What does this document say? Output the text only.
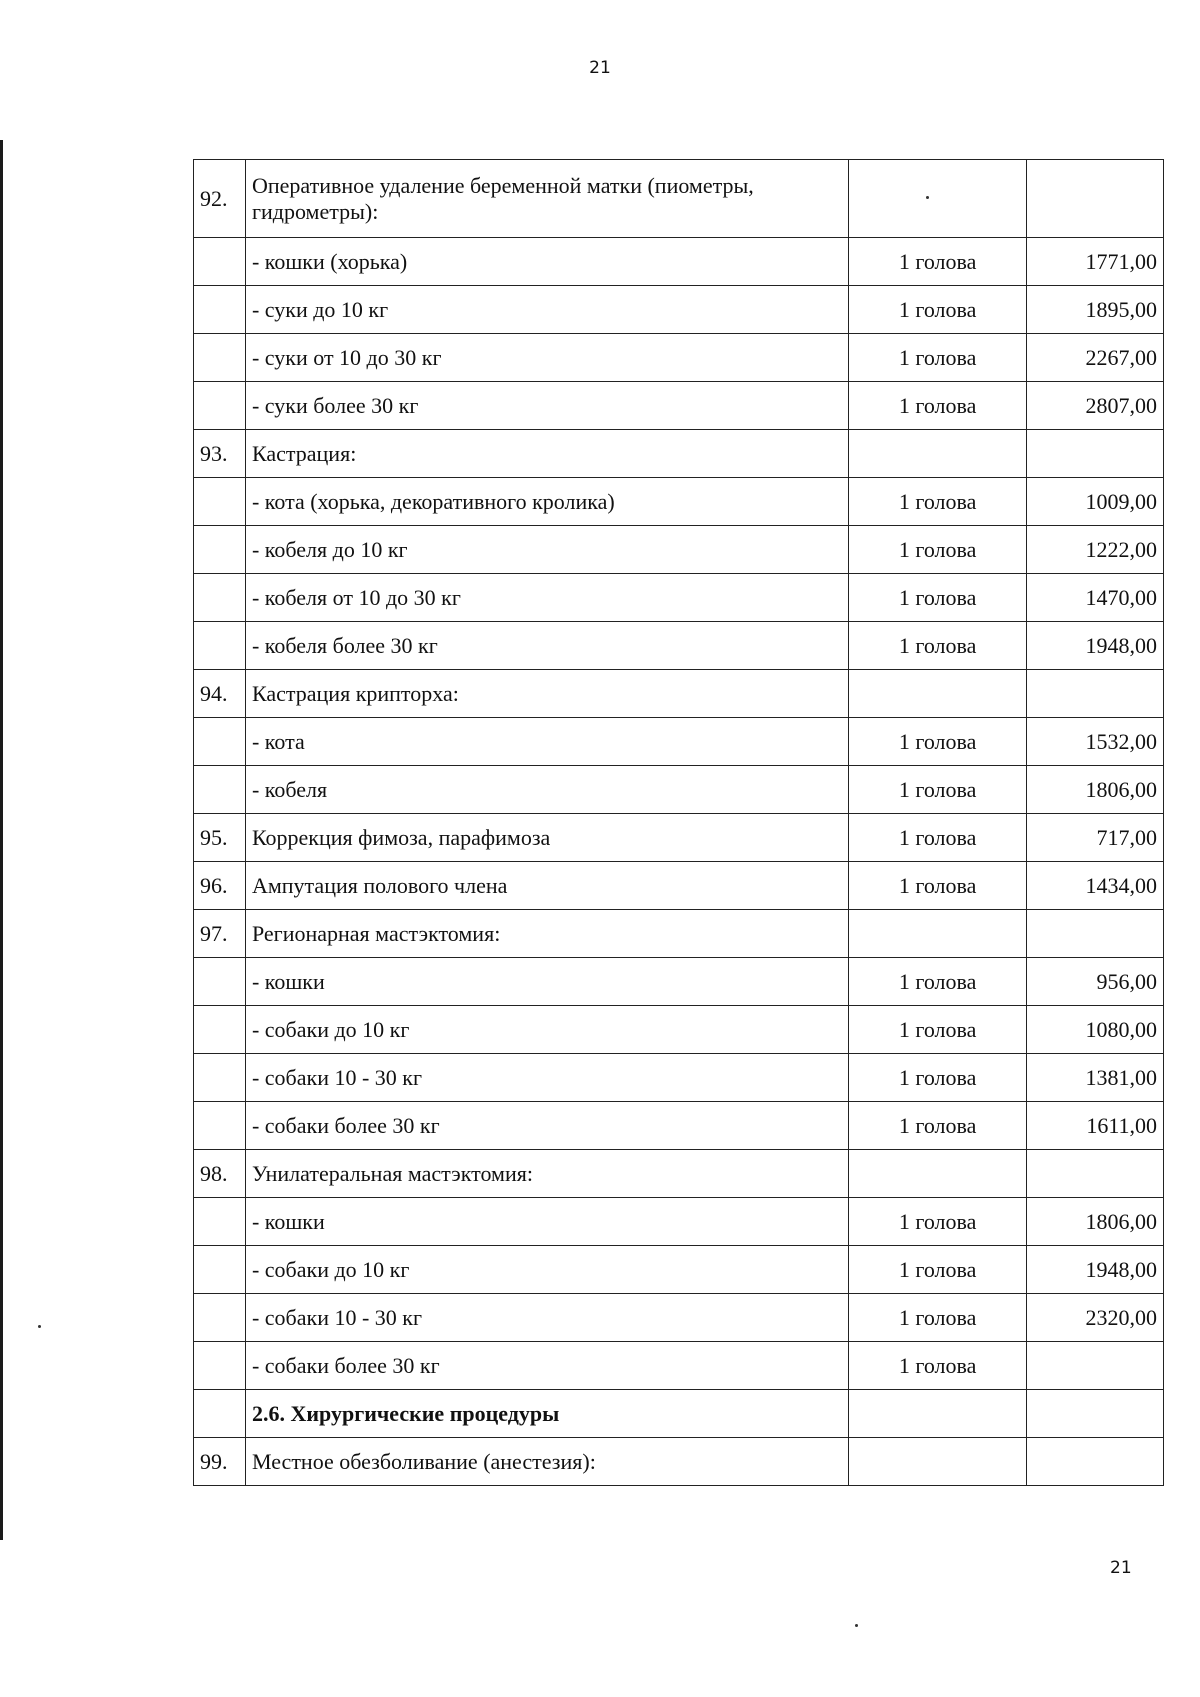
21
92.	Оперативное удаление беременной матки (пиометры, гидрометры):		
	- кошки (хорька)	1 голова	1771,00
	- суки до 10 кг	1 голова	1895,00
	- суки от 10 до 30 кг	1 голова	2267,00
	- суки более 30 кг	1 голова	2807,00
93.	Кастрация:		
	- кота (хорька, декоративного кролика)	1 голова	1009,00
	- кобеля до 10 кг	1 голова	1222,00
	- кобеля от 10 до 30 кг	1 голова	1470,00
	- кобеля более 30 кг	1 голова	1948,00
94.	Кастрация крипторха:		
	- кота	1 голова	1532,00
	- кобеля	1 голова	1806,00
95.	Коррекция фимоза, парафимоза	1 голова	717,00
96.	Ампутация полового члена	1 голова	1434,00
97.	Регионарная мастэктомия:		
	- кошки	1 голова	956,00
	- собаки до 10 кг	1 голова	1080,00
	- собаки 10 - 30 кг	1 голова	1381,00
	- собаки более 30 кг	1 голова	1611,00
98.	Унилатеральная мастэктомия:		
	- кошки	1 голова	1806,00
	- собаки до 10 кг	1 голова	1948,00
	- собаки 10 - 30 кг	1 голова	2320,00
	- собаки более 30 кг	1 голова	
	2.6. Хирургические процедуры		
99.	Местное обезболивание (анестезия):		
21
